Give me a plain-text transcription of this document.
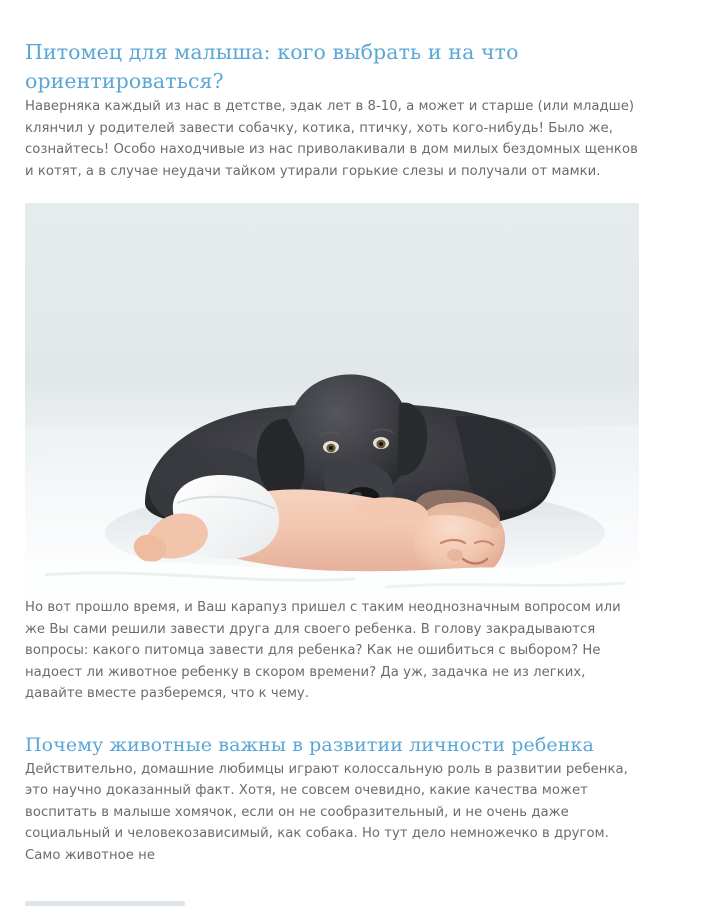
Питомец для малыша: кого выбрать и на что ориентироваться?

Наверняка каждый из нас в детстве, эдак лет в 8-10, а может и старше (или младше) клянчил у родителей завести собачку, котика, птичку, хоть кого-нибудь! Было же, сознайтесь! Особо находчивые из нас приволакивали в дом милых бездомных щенков и котят, а в случае неудачи тайком утирали горькие слезы и получали от мамки.

Но вот прошло время, и Ваш карапуз пришел с таким неоднозначным вопросом или же Вы сами решили завести друга для своего ребенка. В голову закрадываются вопросы: какого питомца завести для ребенка? Как не ошибиться с выбором? Не надоест ли животное ребенку в скором времени? Да уж, задачка не из легких, давайте вместе разберемся, что к чему.

Почему животные важны в развитии личности ребенка

Действительно, домашние любимцы играют колоссальную роль в развитии ребенка, это научно доказанный факт. Хотя, не совсем очевидно, какие качества может воспитать в малыше хомячок, если он не сообразительный, и не очень даже социальный и человекозависимый, как собака. Но тут дело немножечко в другом. Само животное не
